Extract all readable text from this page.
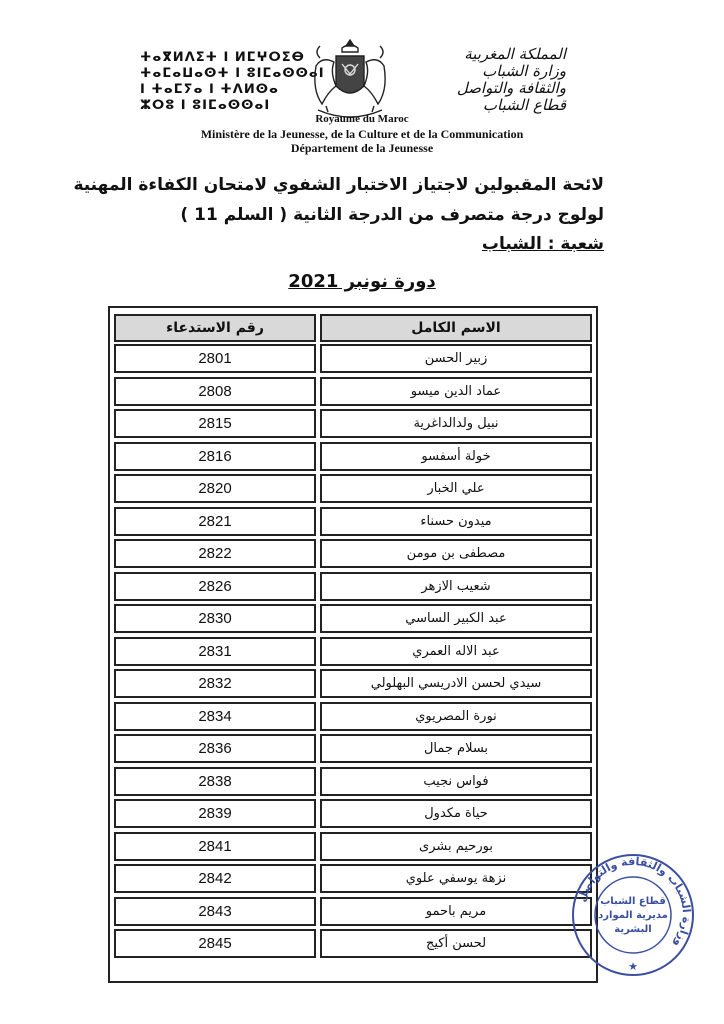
ⵜⴰⴳⵍⴷⵉⵜ ⵏ ⵍⵎⵖⵔⵉⴱ
ⵜⴰⵎⴰⵡⴰⵙⵜ ⵏ ⵓⵏⵎⴰⵙⵙⴰⵏ
ⵏ ⵜⴰⵎⵢⴰ ⵏ ⵜⴷⵍⵙⴰ
ⵣⵔⵓ ⵏ ⵓⵏⵎⴰⵙⵙⴰⵏ
المملكة المغربية
وزارة الشباب
والثقافة والتواصل
قطاع الشباب
Royaume du Maroc
Ministère de la Jeunesse, de la Culture et de la Communication
Département de la Jeunesse
لائحة المقبولين لاجتياز الاختبار الشفوي لامتحان الكفاءة المهنية
لولوج درجة متصرف من الدرجة الثانية ( السلم 11 )
شعبة : الشباب
دورة نونبر 2021
رقم الاستدعاء	الاسم الكامل
2801	زبير الحسن
2808	عماد الدين ميسو
2815	نبيل ولدالداغرية
2816	خولة أسفسو
2820	علي الخبار
2821	ميدون حسناء
2822	مصطفى بن مومن
2826	شعيب الازهر
2830	عبد الكبير الساسي
2831	عبد الاله العمري
2832	سيدي لحسن الادريسي البهلولي
2834	نورة المصريوي
2836	بسلام جمال
2838	فواس نجيب
2839	حياة مكدول
2841	بورحيم بشرى
2842	نزهة يوسفي علوي
2843	مريم باحمو
2845	لحسن أكيج
وزارة الشباب والثقافة والتواصل
قطاع الشباب
مديرية الموارد
البشرية
★
